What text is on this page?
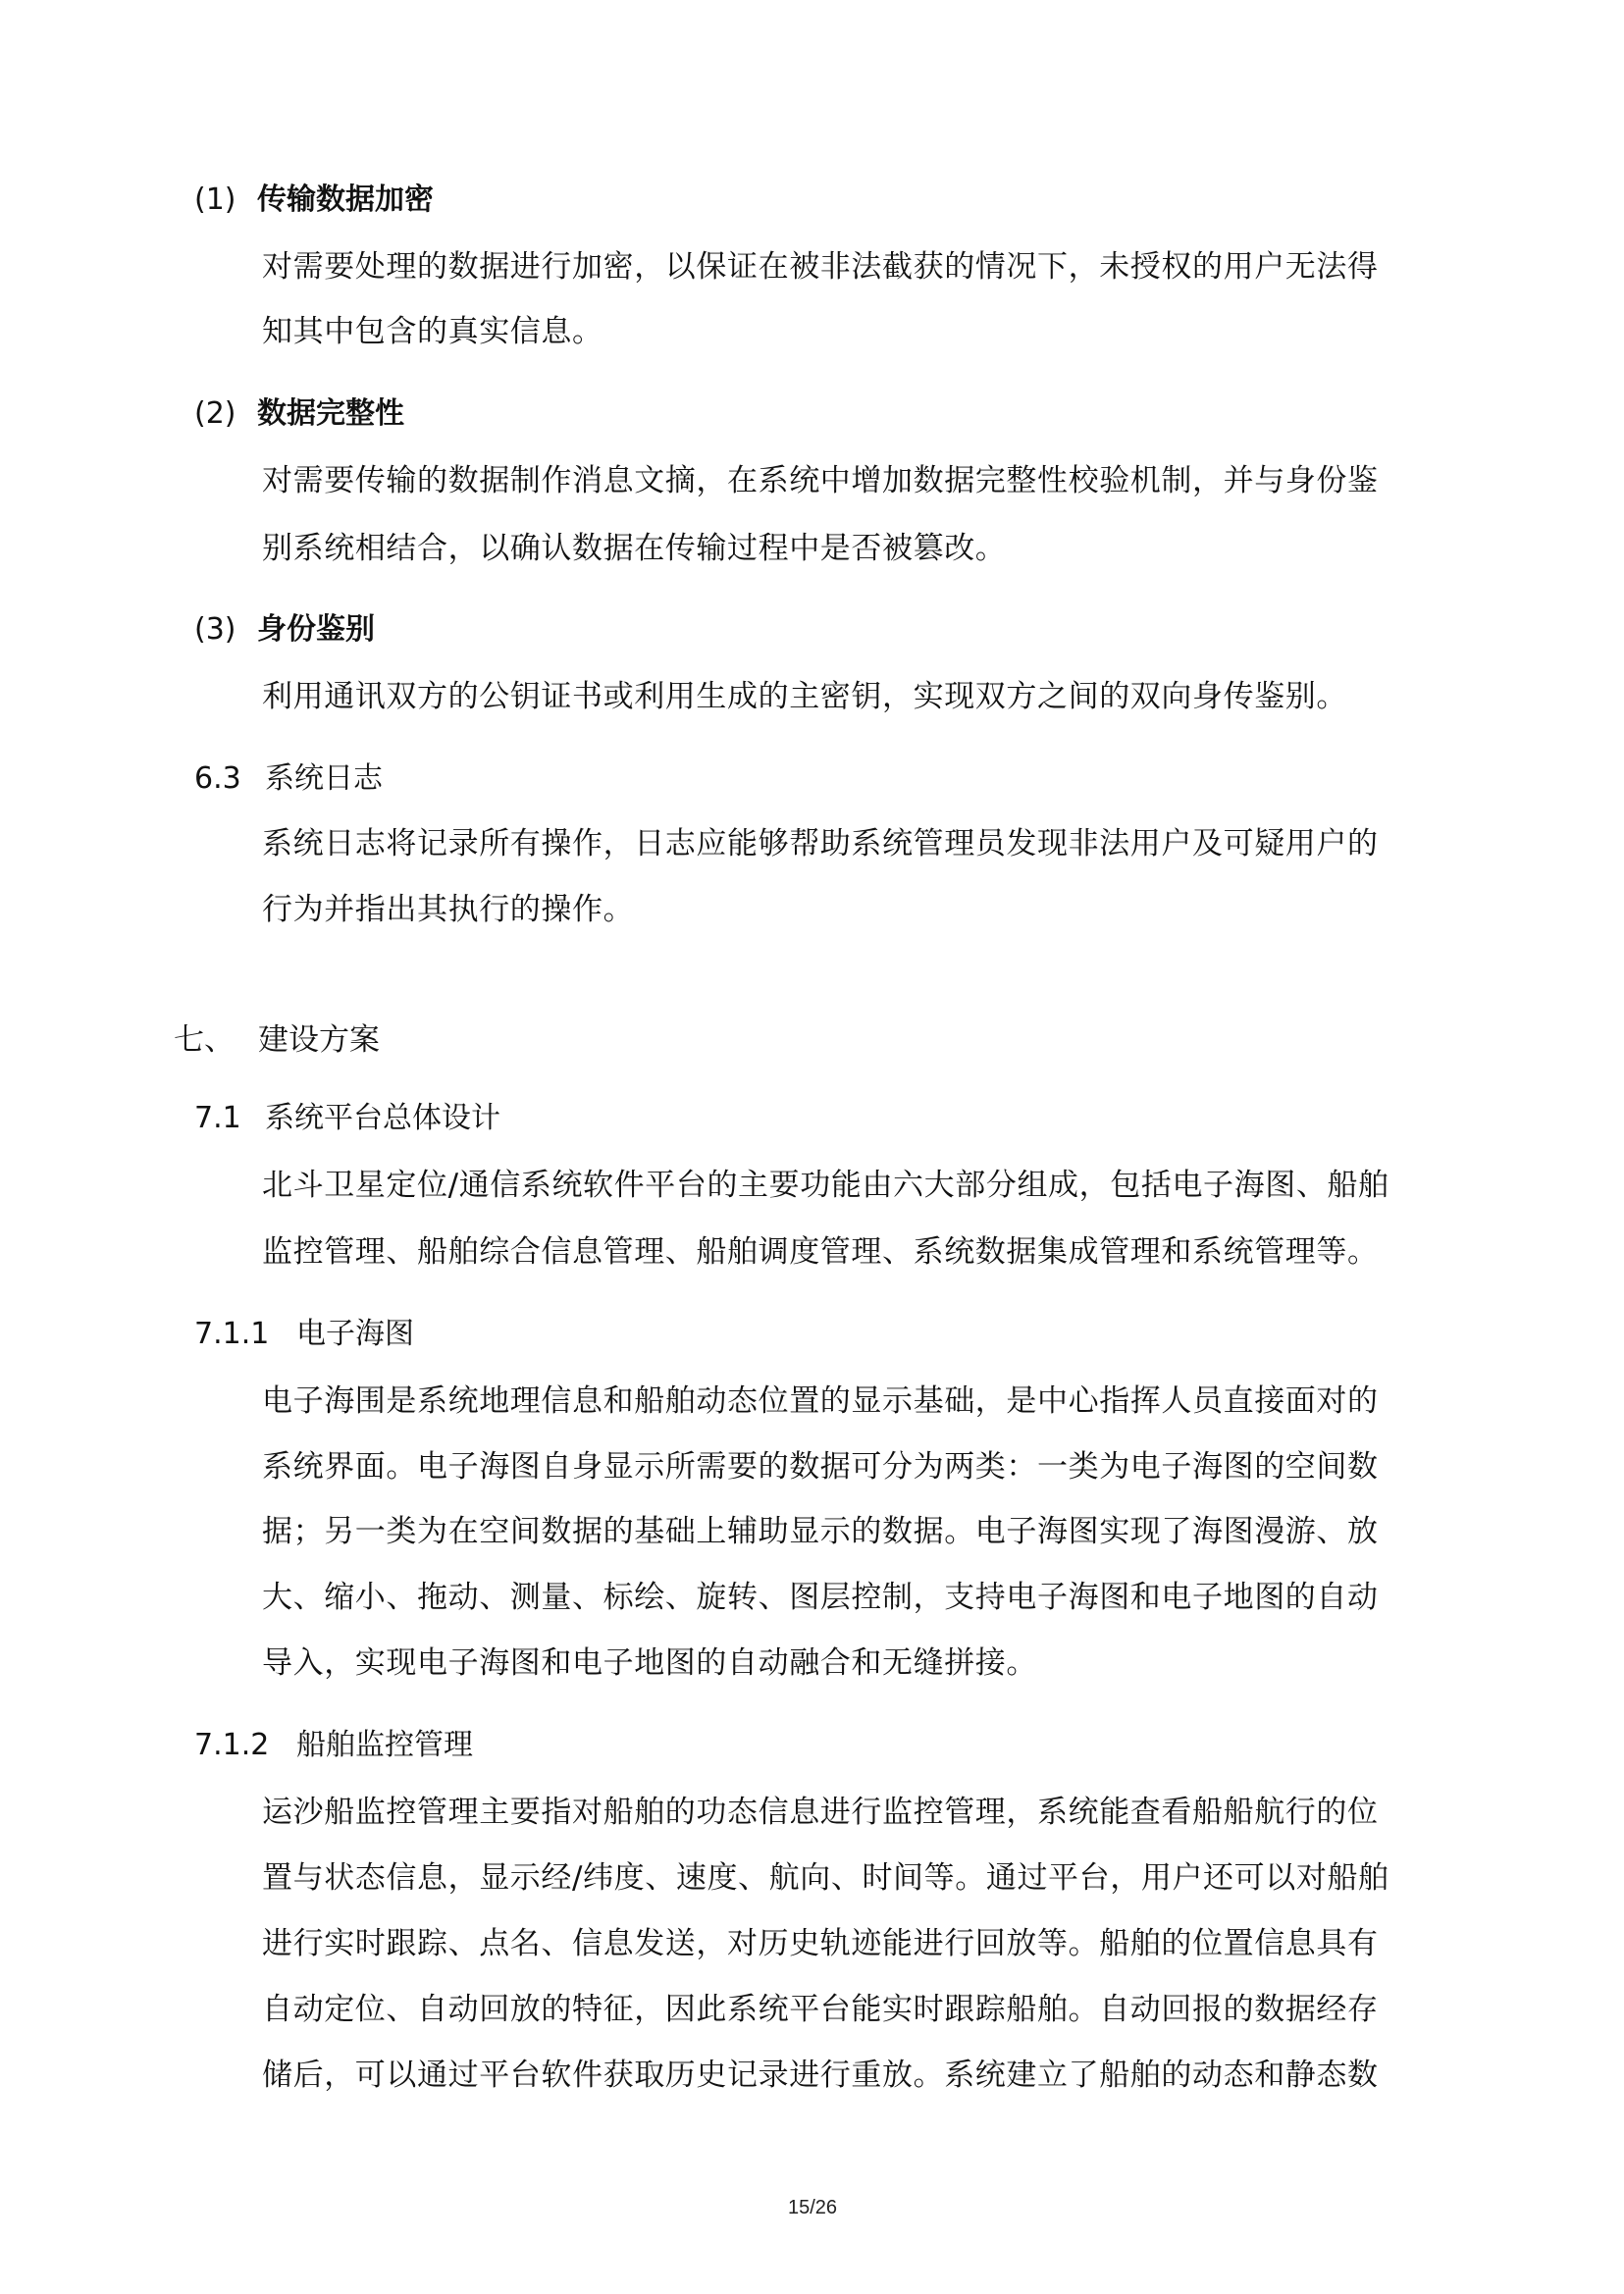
(1) 传输数据加密

对需要处理的数据进行加密，以保证在被非法截获的情况下，未授权的用户无法得

知其中包含的真实信息。

(2) 数据完整性

对需要传输的数据制作消息文摘，在系统中增加数据完整性校验机制，并与身份鉴

别系统相结合，以确认数据在传输过程中是否被篡改。

(3) 身份鉴别

利用通讯双方的公钥证书或利用生成的主密钥，实现双方之间的双向身传鉴别。

6.3 系统日志

系统日志将记录所有操作，日志应能够帮助系统管理员发现非法用户及可疑用户的

行为并指出其执行的操作。

七、 建设方案
7.1 系统平台总体设计

北斗卫星定位/通信系统软件平台的主要功能由六大部分组成，包括电子海图、船舶

监控管理、船舶综合信息管理、船舶调度管理、系统数据集成管理和系统管理等。

7.1.1 电子海图

电子海围是系统地理信息和船舶动态位置的显示基础，是中心指挥人员直接面对的

系统界面。电子海图自身显示所需要的数据可分为两类：一类为电子海图的空间数

据；另一类为在空间数据的基础上辅助显示的数据。电子海图实现了海图漫游、放

大、缩小、拖动、测量、标绘、旋转、图层控制，支持电子海图和电子地图的自动

导入，实现电子海图和电子地图的自动融合和无缝拼接。

7.1.2 船舶监控管理

运沙船监控管理主要指对船舶的功态信息进行监控管理，系统能查看船船航行的位

置与状态信息，显示经/纬度、速度、航向、时间等。通过平台，用户还可以对船舶

进行实时跟踪、点名、信息发送，对历史轨迹能进行回放等。船舶的位置信息具有

自动定位、自动回放的特征，因此系统平台能实时跟踪船舶。自动回报的数据经存

储后，可以通过平台软件获取历史记录进行重放。系统建立了船舶的动态和静态数

15/26
